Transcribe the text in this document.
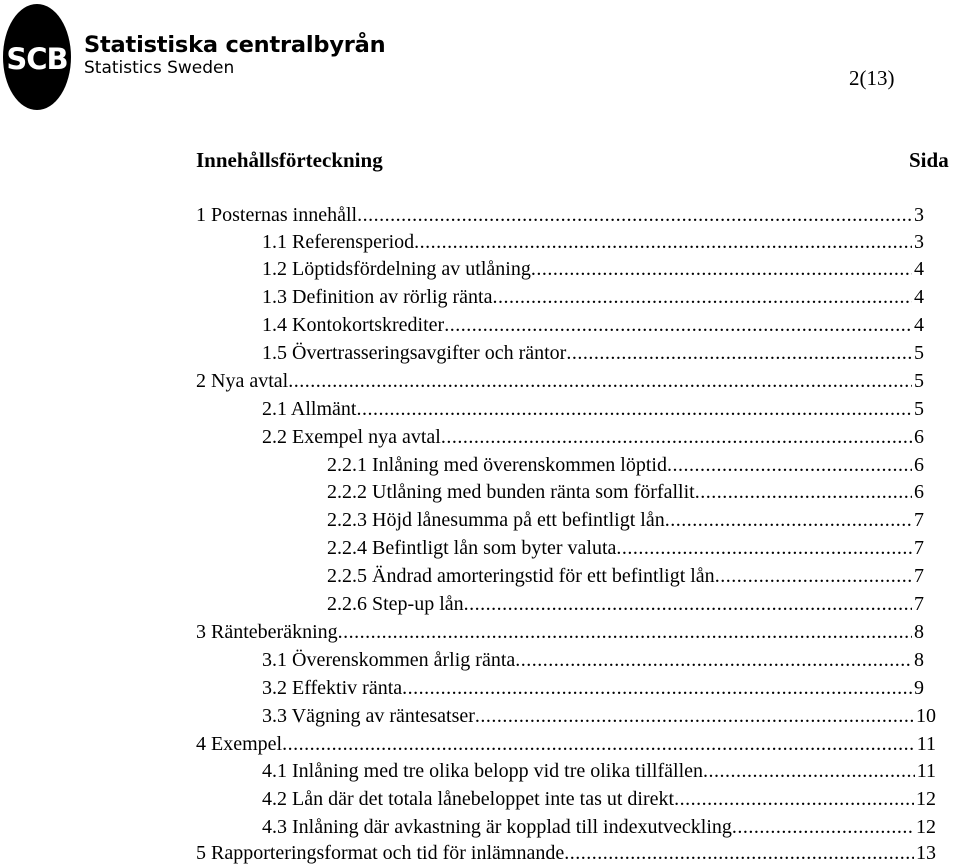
SCB Statistiska centralbyrån
Statistics Sweden	2(13)
Innehållsförteckning	Sida
1 Posternas innehåll .....	3
1.1 Referensperiod .....	3
1.2 Löptidsfördelning av utlåning .....	4
1.3 Definition av rörlig ränta .....	4
1.4 Kontokortskrediter .....	4
1.5 Övertrasseringsavgifter och räntor .....	5
2 Nya avtal .....	5
2.1 Allmänt .....	5
2.2 Exempel nya avtal .....	6
2.2.1 Inlåning med överenskommen löptid .....	6
2.2.2 Utlåning med bunden ränta som förfallit .....	6
2.2.3 Höjd lånesumma på ett befintligt lån .....	7
2.2.4 Befintligt lån som byter valuta .....	7
2.2.5 Ändrad amorteringstid för ett befintligt lån .....	7
2.2.6 Step-up lån .....	7
3 Ränteberäkning .....	8
3.1 Överenskommen årlig ränta .....	8
3.2 Effektiv ränta .....	9
3.3 Vägning av räntesatser .....	10
4 Exempel .....	11
4.1 Inlåning med tre olika belopp vid tre olika tillfällen .....	11
4.2 Lån där det totala lånebeloppet inte tas ut direkt .....	12
4.3 Inlåning där avkastning är kopplad till indexutveckling .....	12
5 Rapporteringsformat och tid för inlämnande .....	13
